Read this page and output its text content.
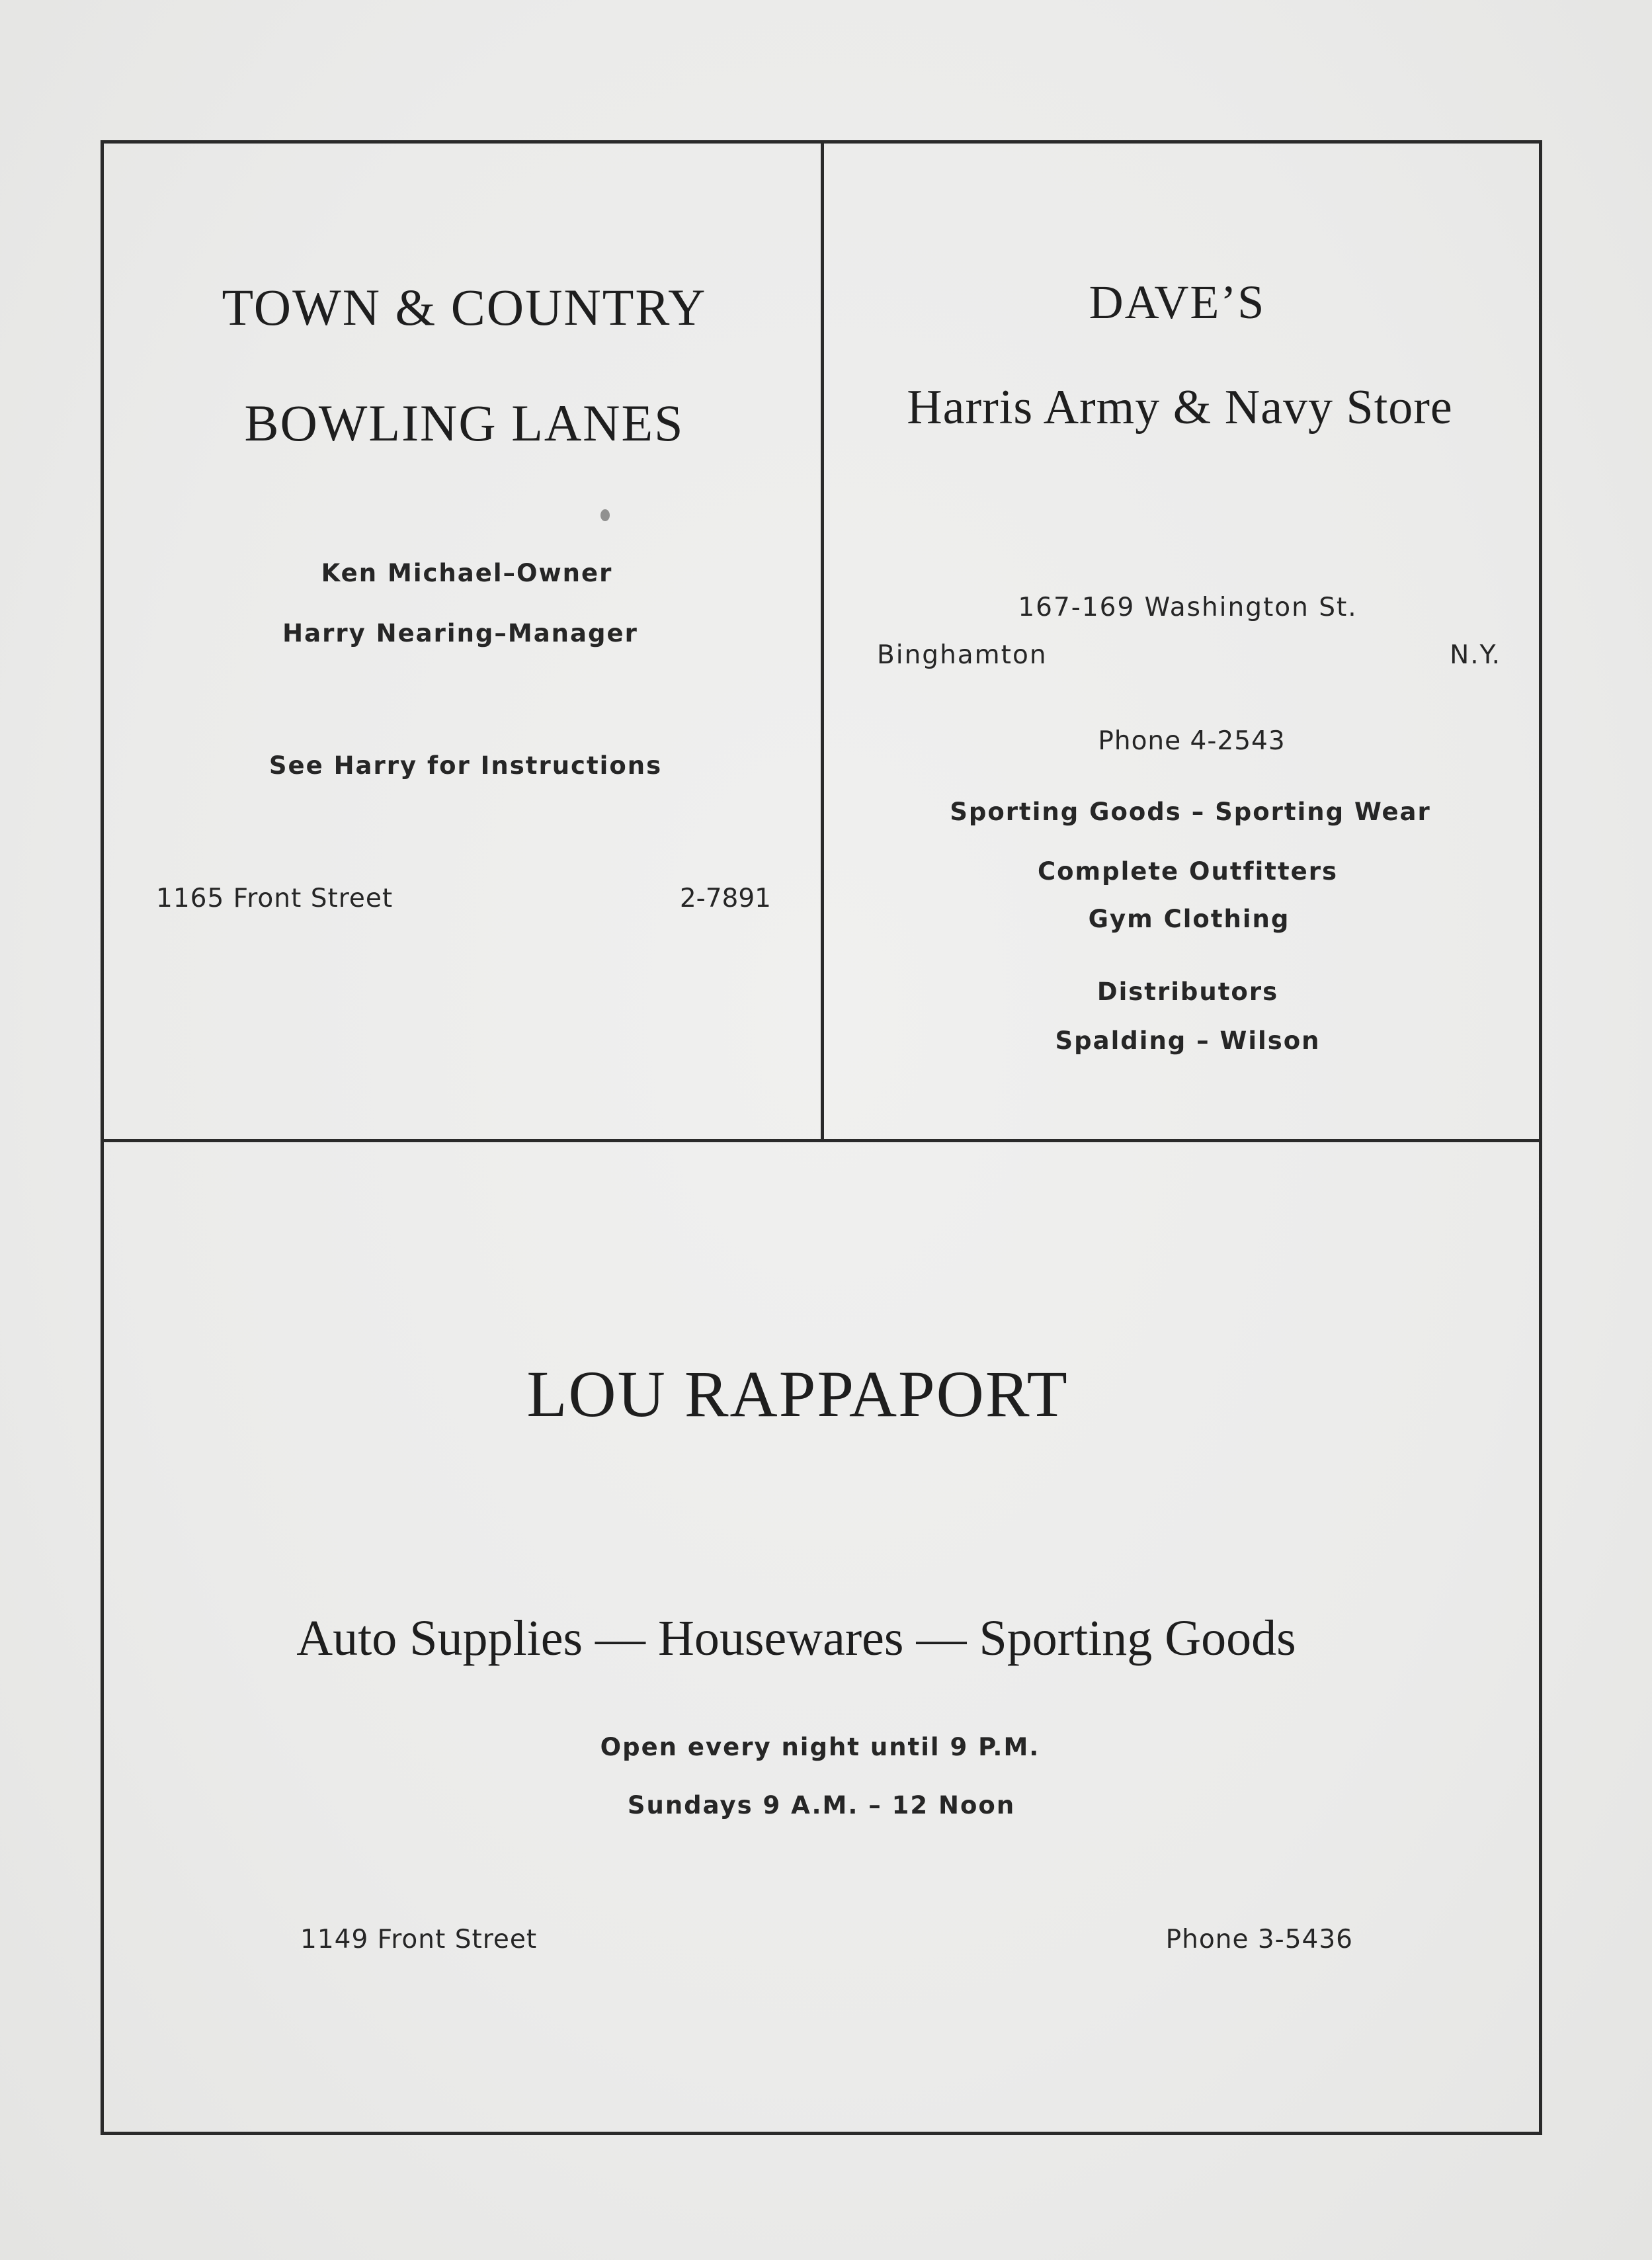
TOWN & COUNTRY
BOWLING LANES
Ken Michael–Owner
Harry Nearing–Manager
See Harry for Instructions
1165 Front Street	2-7891
DAVE’S
Harris Army & Navy Store
167-169 Washington St.
Binghamton	N.Y.
Phone 4-2543
Sporting Goods – Sporting Wear
Complete Outfitters
Gym Clothing
Distributors
Spalding – Wilson
LOU RAPPAPORT
Auto Supplies — Housewares — Sporting Goods
Open every night until 9 P.M.
Sundays 9 A.M. – 12 Noon
1149 Front Street	Phone 3-5436
